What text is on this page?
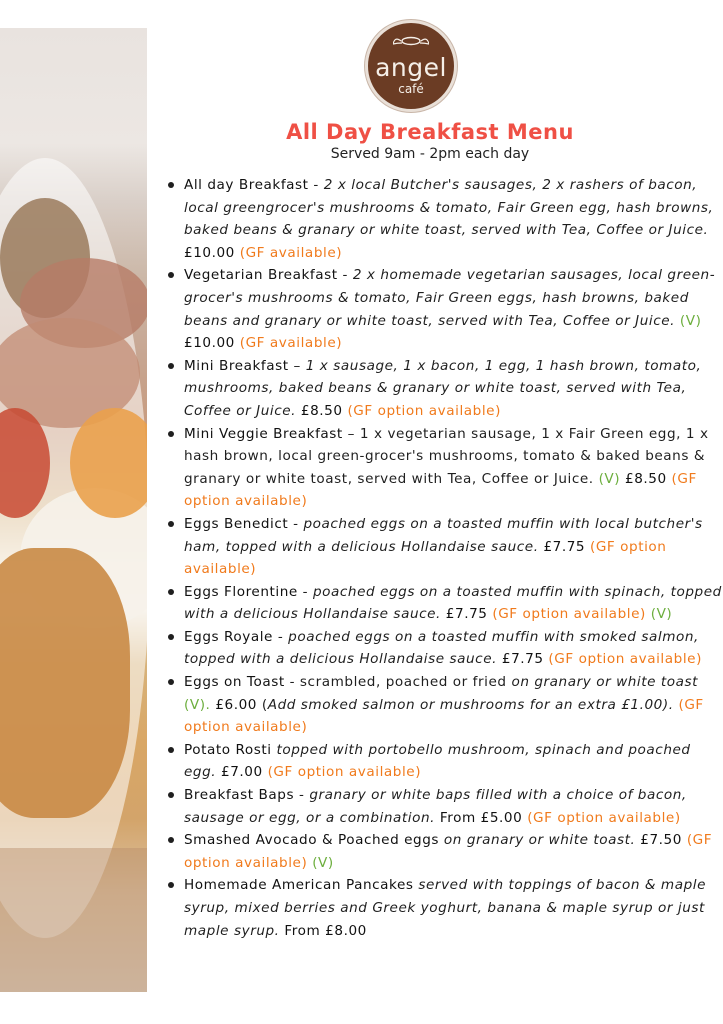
angel
café
All Day Breakfast Menu

Served 9am - 2pm each day

All day Breakfast - 2 x local Butcher's sausages, 2 x rashers of bacon, local greengrocer's mushrooms & tomato, Fair Green egg, hash browns, baked beans & granary or white toast, served with Tea, Coffee or Juice. £10.00 (GF available)
Vegetarian Breakfast - 2 x homemade vegetarian sausages, local green-grocer's mushrooms & tomato, Fair Green eggs, hash browns, baked beans and granary or white toast, served with Tea, Coffee or Juice. (V) £10.00 (GF available)
Mini Breakfast – 1 x sausage, 1 x bacon, 1 egg, 1 hash brown, tomato, mushrooms, baked beans & granary or white toast, served with Tea, Coffee or Juice. £8.50 (GF option available)
Mini Veggie Breakfast – 1 x vegetarian sausage, 1 x Fair Green egg, 1 x hash brown, local green-grocer's mushrooms, tomato & baked beans & granary or white toast, served with Tea, Coffee or Juice. (V) £8.50 (GF option available)
Eggs Benedict - poached eggs on a toasted muffin with local butcher's ham, topped with a delicious Hollandaise sauce. £7.75 (GF option available)
Eggs Florentine - poached eggs on a toasted muffin with spinach, topped with a delicious Hollandaise sauce. £7.75 (GF option available) (V)
Eggs Royale - poached eggs on a toasted muffin with smoked salmon, topped with a delicious Hollandaise sauce. £7.75 (GF option available)
Eggs on Toast - scrambled, poached or fried on granary or white toast (V). £6.00 (Add smoked salmon or mushrooms for an extra £1.00). (GF option available)
Potato Rosti topped with portobello mushroom, spinach and poached egg. £7.00 (GF option available)
Breakfast Baps - granary or white baps filled with a choice of bacon, sausage or egg, or a combination. From £5.00 (GF option available)
Smashed Avocado & Poached eggs on granary or white toast. £7.50 (GF option available) (V)
Homemade American Pancakes served with toppings of bacon & maple syrup, mixed berries and Greek yoghurt, banana & maple syrup or just maple syrup. From £8.00
